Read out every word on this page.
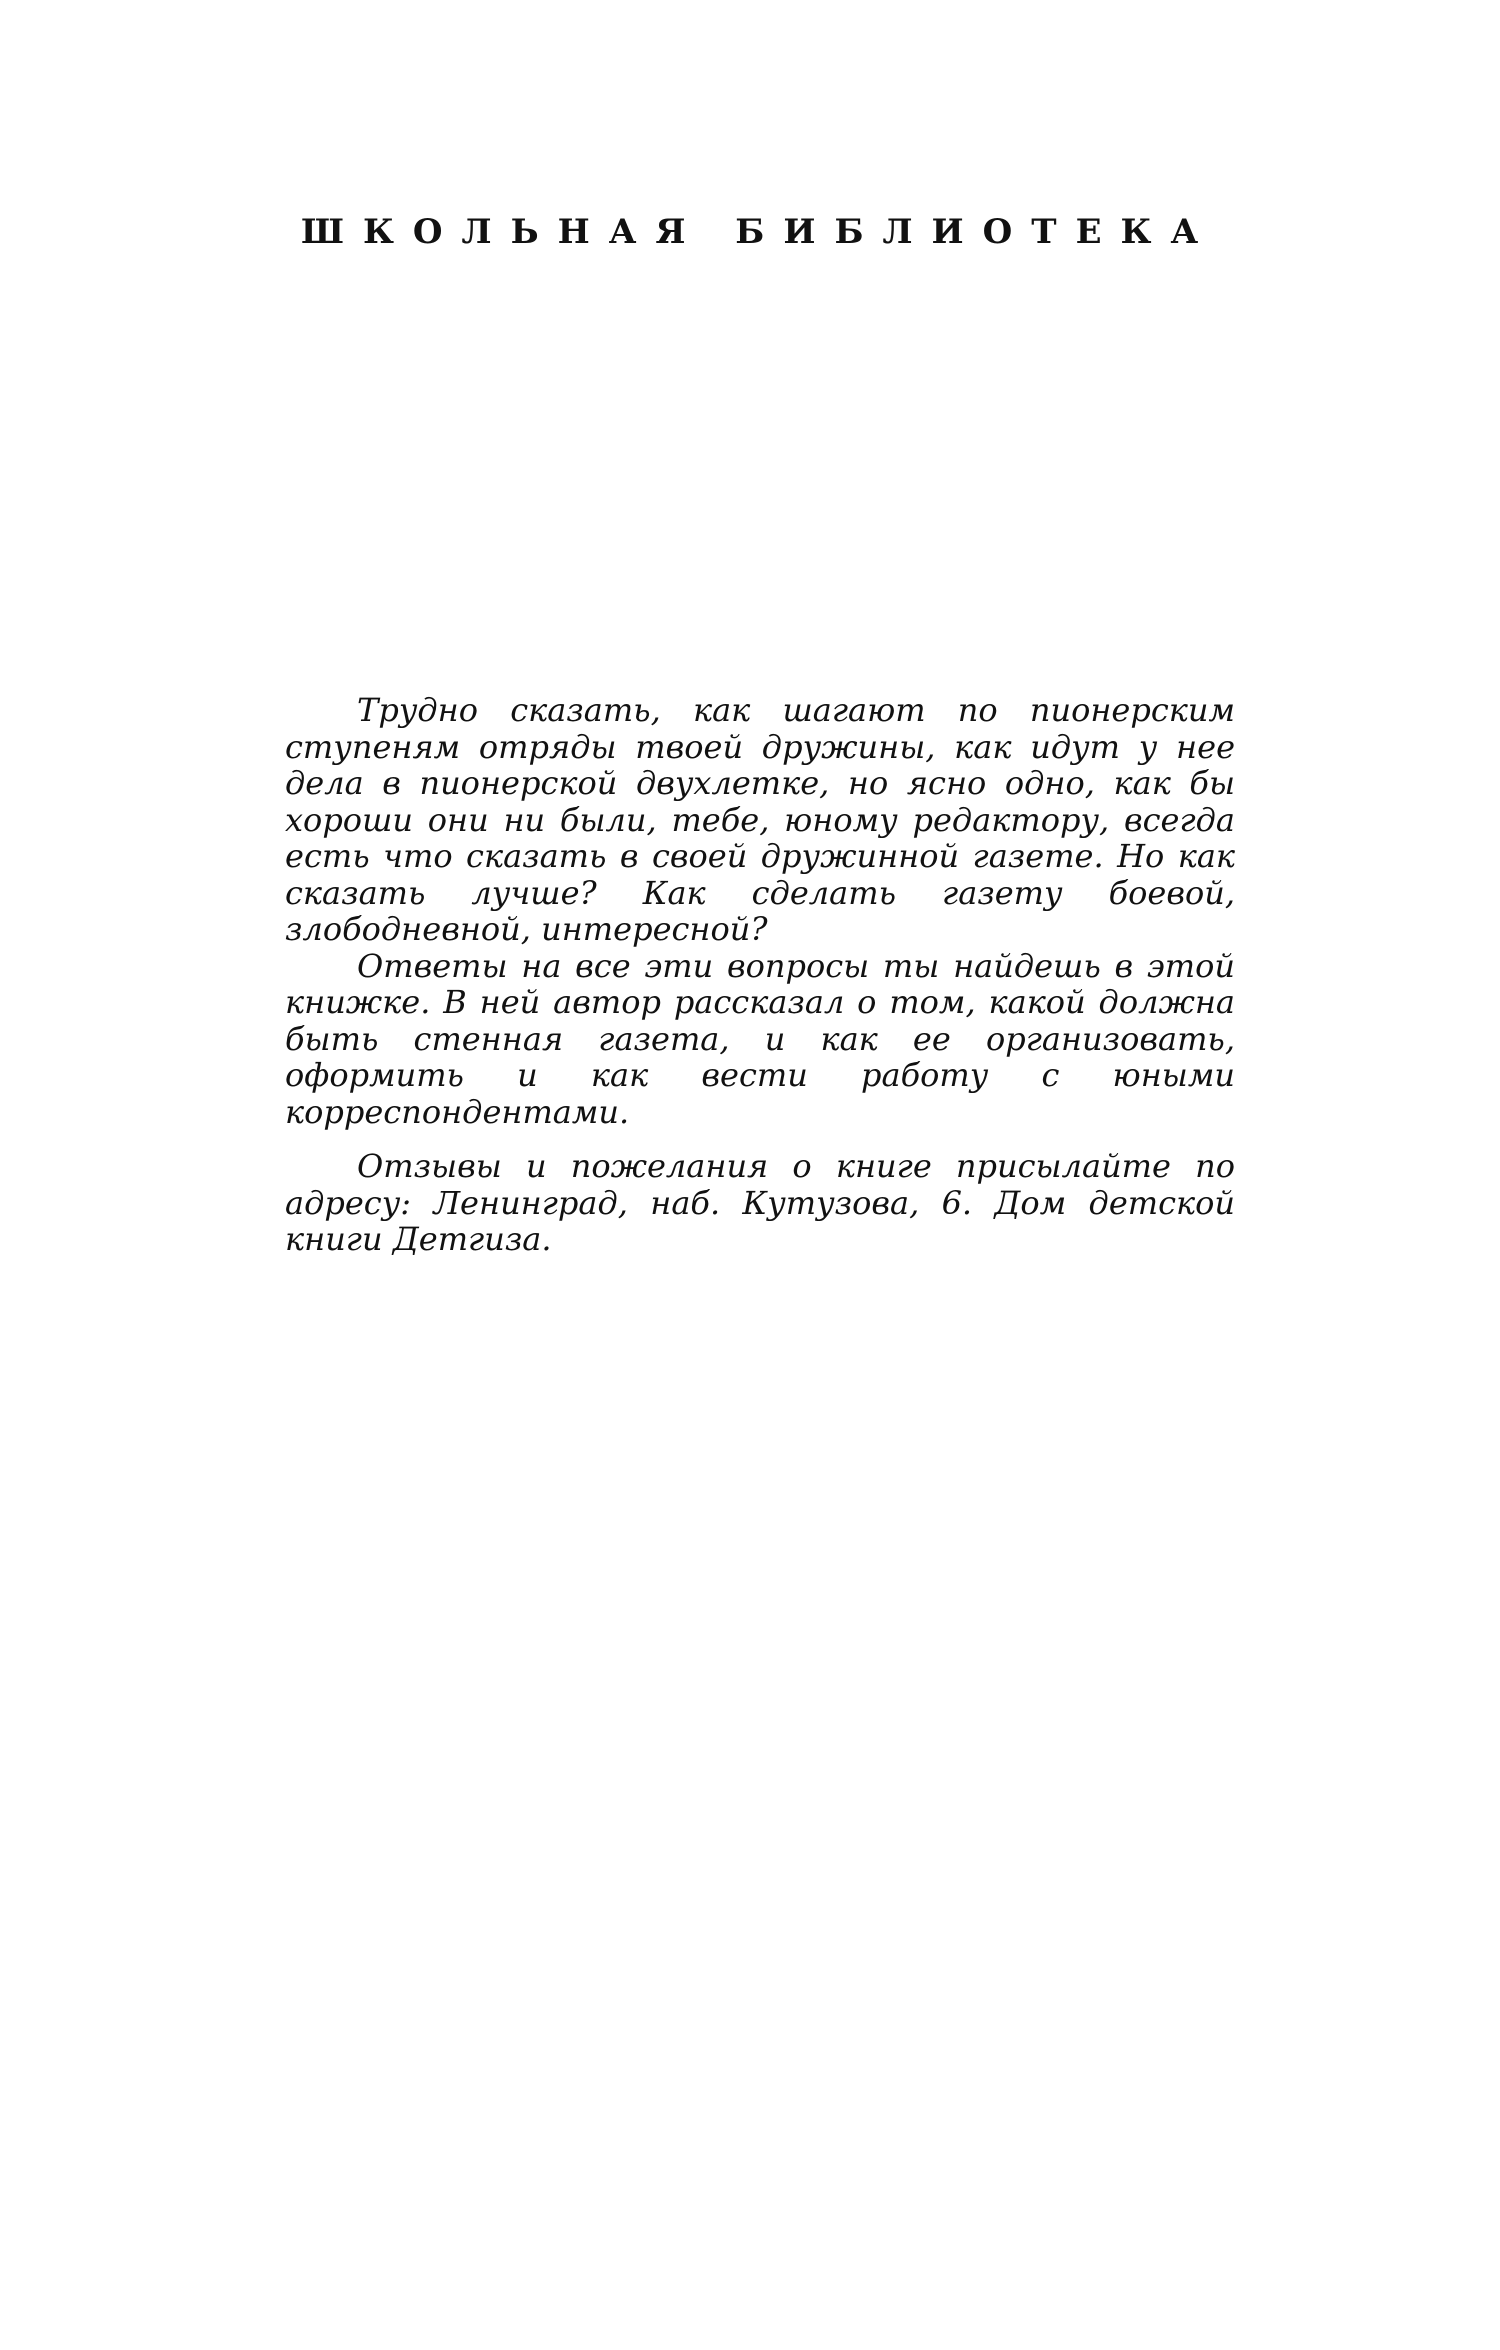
ШКОЛЬНАЯ БИБЛИОТЕКА

Трудно сказать, как шагают по пионерским ступеням отряды твоей дружины, как идут у нее дела в пионерской двухлетке, но ясно одно, как бы хороши они ни были, тебе, юному редактору, всегда есть что сказать в своей дружинной газете. Но как сказать лучше? Как сделать газету боевой, злободневной, интересной?

Ответы на все эти вопросы ты найдешь в этой книжке. В ней автор рассказал о том, какой должна быть стенная газета, и как ее организовать, оформить и как вести работу с юными корреспондентами.

Отзывы и пожелания о книге присылайте по адресу: Ленинград, наб. Кутузова, 6. Дом детской книги Детгиза.
